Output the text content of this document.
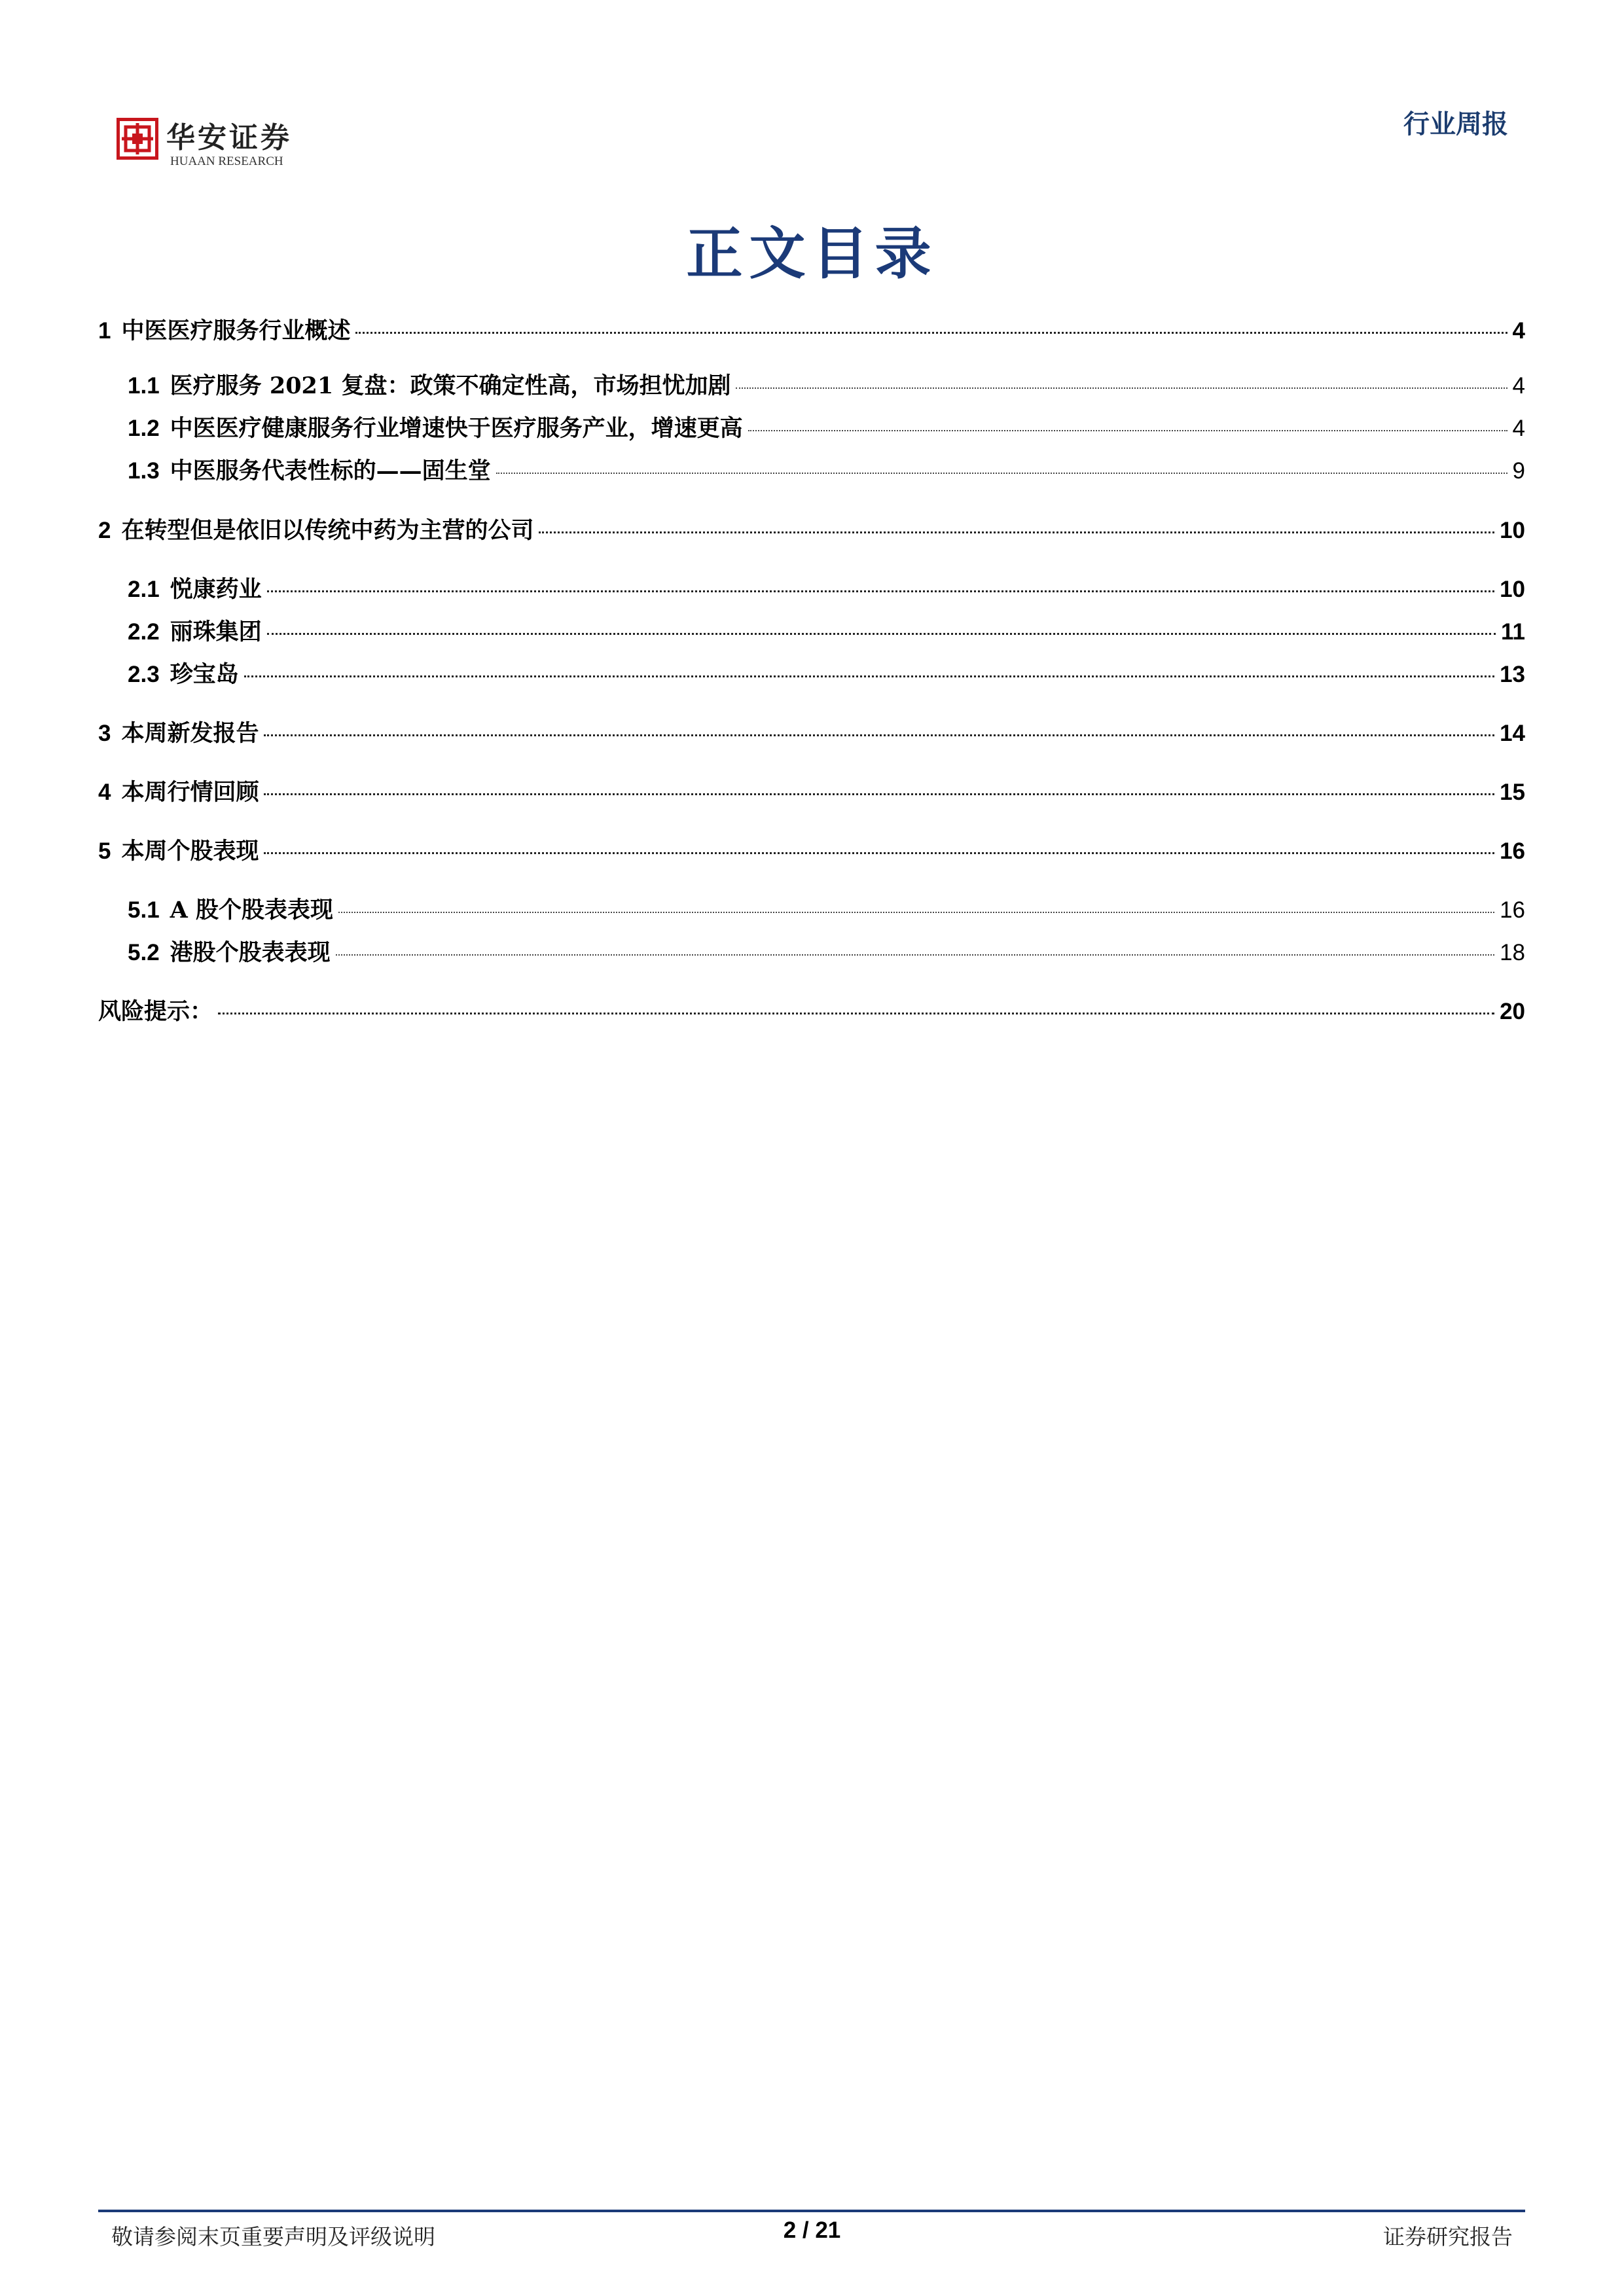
华安证券
HUAAN RESEARCH
行业周报
正文目录
1 中医医疗服务行业概述	4
1.1 医疗服务 2021 复盘：政策不确定性高，市场担忧加剧	4
1.2 中医医疗健康服务行业增速快于医疗服务产业，增速更高	4
1.3 中医服务代表性标的——固生堂	9
2 在转型但是依旧以传统中药为主营的公司	10
2.1 悦康药业	10
2.2 丽珠集团	11
2.3 珍宝岛	13
3 本周新发报告	14
4 本周行情回顾	15
5 本周个股表现	16
5.1 A 股个股表表现	16
5.2 港股个股表表现	18
风险提示：	20
敬请参阅末页重要声明及评级说明	2 / 21	证券研究报告
